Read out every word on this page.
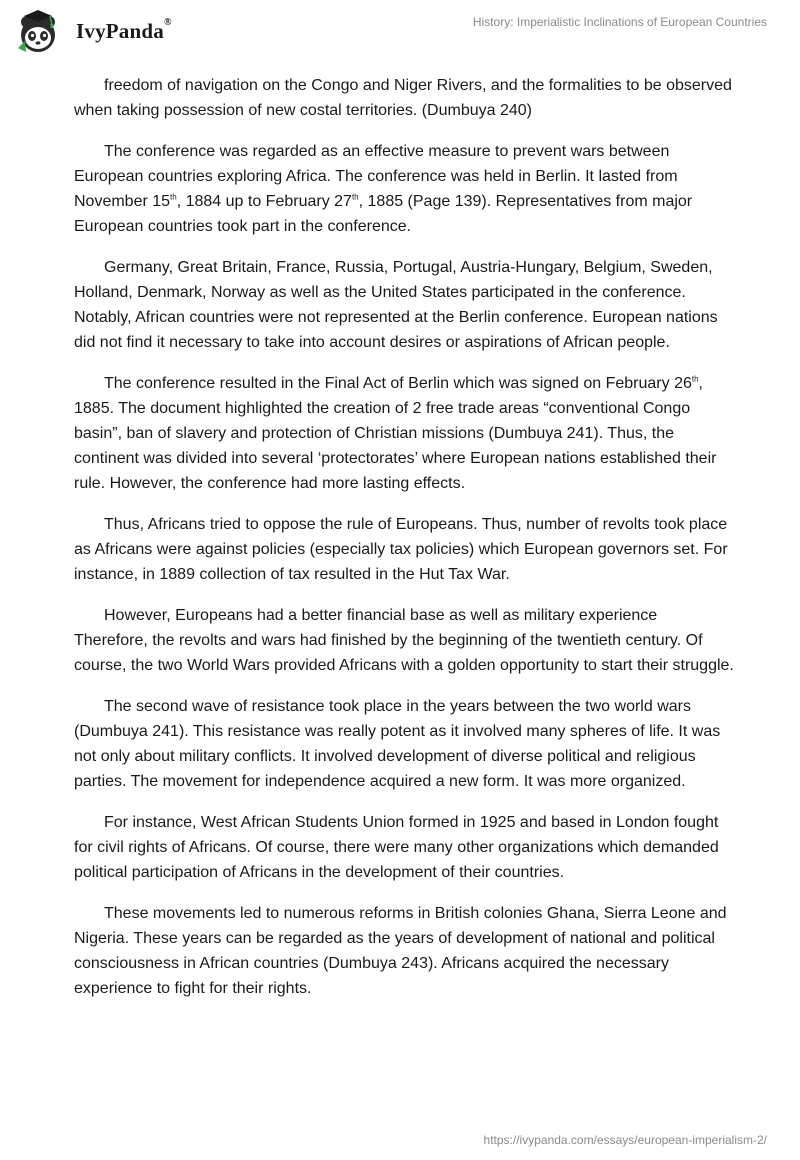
IvyPanda®	History: Imperialistic Inclinations of European Countries

freedom of navigation on the Congo and Niger Rivers, and the formalities to be observed when taking possession of new costal territories. (Dumbuya 240)

The conference was regarded as an effective measure to prevent wars between European countries exploring Africa. The conference was held in Berlin. It lasted from November 15th, 1884 up to February 27th, 1885 (Page 139). Representatives from major European countries took part in the conference.

Germany, Great Britain, France, Russia, Portugal, Austria-Hungary, Belgium, Sweden, Holland, Denmark, Norway as well as the United States participated in the conference. Notably, African countries were not represented at the Berlin conference. European nations did not find it necessary to take into account desires or aspirations of African people.

The conference resulted in the Final Act of Berlin which was signed on February 26th, 1885. The document highlighted the creation of 2 free trade areas “conventional Congo basin”, ban of slavery and protection of Christian missions (Dumbuya 241). Thus, the continent was divided into several ‘protectorates’ where European nations established their rule. However, the conference had more lasting effects.

Thus, Africans tried to oppose the rule of Europeans. Thus, number of revolts took place as Africans were against policies (especially tax policies) which European governors set. For instance, in 1889 collection of tax resulted in the Hut Tax War.

However, Europeans had a better financial base as well as military experience Therefore, the revolts and wars had finished by the beginning of the twentieth century. Of course, the two World Wars provided Africans with a golden opportunity to start their struggle.

The second wave of resistance took place in the years between the two world wars (Dumbuya 241). This resistance was really potent as it involved many spheres of life. It was not only about military conflicts. It involved development of diverse political and religious parties. The movement for independence acquired a new form. It was more organized.

For instance, West African Students Union formed in 1925 and based in London fought for civil rights of Africans. Of course, there were many other organizations which demanded political participation of Africans in the development of their countries.

These movements led to numerous reforms in British colonies Ghana, Sierra Leone and Nigeria. These years can be regarded as the years of development of national and political consciousness in African countries (Dumbuya 243). Africans acquired the necessary experience to fight for their rights.

https://ivypanda.com/essays/european-imperialism-2/
